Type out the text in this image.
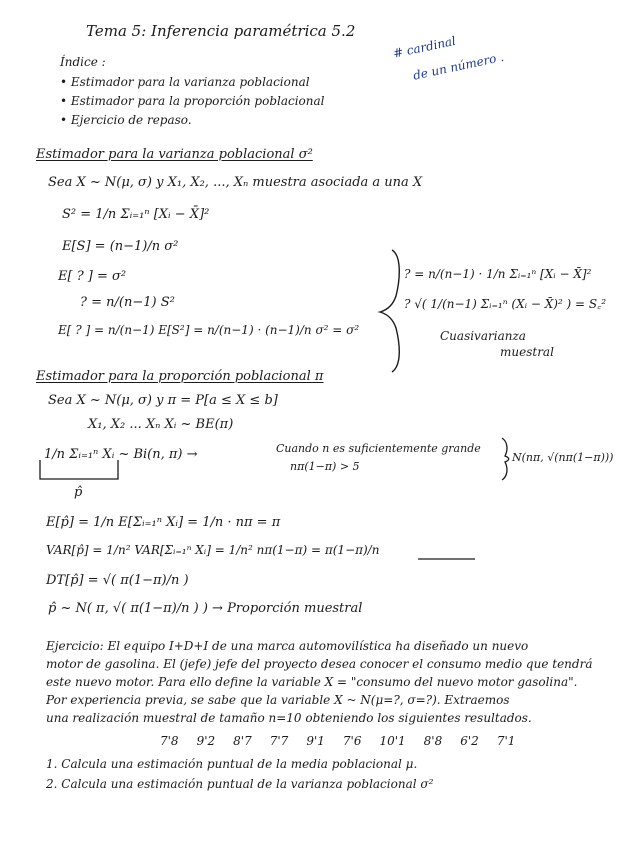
Tema 5: Inferencia paramétrica 5.2
# cardinal
de un número .
Índice :
• Estimador para la varianza poblacional
• Estimador para la proporción poblacional
• Ejercicio de repaso.
Estimador para la varianza poblacional σ²
Sea X ~ N(μ, σ) y X₁, X₂, ..., Xₙ muestra asociada a una X
S² = 1/n Σᵢ₌₁ⁿ [Xᵢ − X̄]²
E[S] = (n−1)/n σ²
E[ ? ] = σ²
? = n/(n−1) S²
E[ ? ] = n/(n−1) E[S²] = n/(n−1) · (n−1)/n σ² = σ²
? = n/(n−1) · 1/n Σᵢ₌₁ⁿ [Xᵢ − X̄]²
? √( 1/(n−1) Σᵢ₌₁ⁿ (Xᵢ − X̄)² ) = S꜀²
Cuasivarianza
muestral
Estimador para la proporción poblacional π
Sea X ~ N(μ, σ) y π = P[a ≤ X ≤ b]
X₁, X₂ ... Xₙ Xᵢ ~ BE(π)
1/n Σᵢ₌₁ⁿ Xᵢ ~ Bi(n, π) →	Cuando n es suficientemente grande
nπ(1−π) > 5
N(nπ, √(nπ(1−π)))
p̂
E[p̂] = 1/n E[Σᵢ₌₁ⁿ Xᵢ] = 1/n · nπ = π
VAR[p̂] = 1/n² VAR[Σᵢ₌₁ⁿ Xᵢ] = 1/n² nπ(1−π) = π(1−π)/n
DT[p̂] = √( π(1−π)/n )
p̂ ~ N( π, √( π(1−π)/n ) ) → Proporción muestral
Ejercicio: El equipo I+D+I de una marca automovilística ha diseñado un nuevo
motor de gasolina. El (jefe) jefe del proyecto desea conocer el consumo medio que tendrá
este nuevo motor. Para ello define la variable X = "consumo del nuevo motor gasolina".
Por experiencia previa, se sabe que la variable X ~ N(μ=?, σ=?). Extraemos
una realización muestral de tamaño n=10 obteniendo los siguientes resultados.
7'8 9'2 8'7 7'7 9'1 7'6 10'1 8'8 6'2 7'1
1. Calcula una estimación puntual de la media poblacional μ.
2. Calcula una estimación puntual de la varianza poblacional σ²
